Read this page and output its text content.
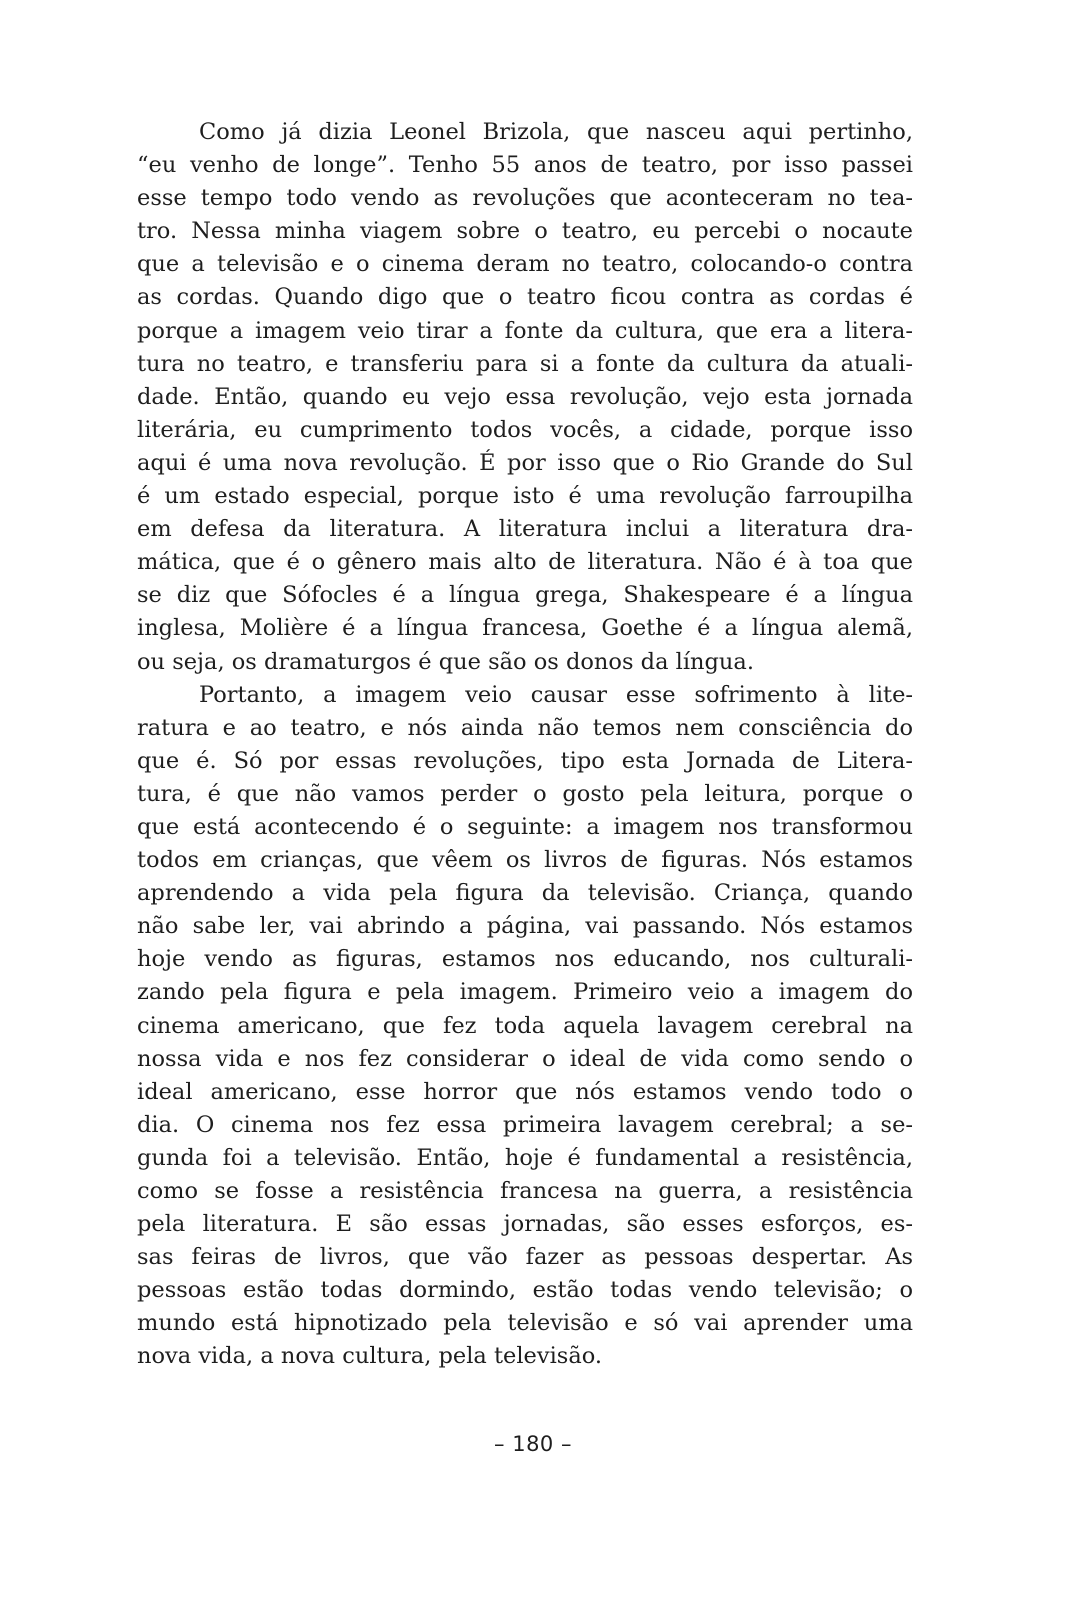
Como já dizia Leonel Brizola, que nasceu aqui pertinho,
“eu venho de longe”. Tenho 55 anos de teatro, por isso passei
esse tempo todo vendo as revoluções que aconteceram no tea-
tro. Nessa minha viagem sobre o teatro, eu percebi o nocaute
que a televisão e o cinema deram no teatro, colocando-o contra
as cordas. Quando digo que o teatro ficou contra as cordas é
porque a imagem veio tirar a fonte da cultura, que era a litera-
tura no teatro, e transferiu para si a fonte da cultura da atuali-
dade. Então, quando eu vejo essa revolução, vejo esta jornada
literária, eu cumprimento todos vocês, a cidade, porque isso
aqui é uma nova revolução. É por isso que o Rio Grande do Sul
é um estado especial, porque isto é uma revolução farroupilha
em defesa da literatura. A literatura inclui a literatura dra-
mática, que é o gênero mais alto de literatura. Não é à toa que
se diz que Sófocles é a língua grega, Shakespeare é a língua
inglesa, Molière é a língua francesa, Goethe é a língua alemã,
ou seja, os dramaturgos é que são os donos da língua.

Portanto, a imagem veio causar esse sofrimento à lite-
ratura e ao teatro, e nós ainda não temos nem consciência do
que é. Só por essas revoluções, tipo esta Jornada de Litera-
tura, é que não vamos perder o gosto pela leitura, porque o
que está acontecendo é o seguinte: a imagem nos transformou
todos em crianças, que vêem os livros de figuras. Nós estamos
aprendendo a vida pela figura da televisão. Criança, quando
não sabe ler, vai abrindo a página, vai passando. Nós estamos
hoje vendo as figuras, estamos nos educando, nos culturali-
zando pela figura e pela imagem. Primeiro veio a imagem do
cinema americano, que fez toda aquela lavagem cerebral na
nossa vida e nos fez considerar o ideal de vida como sendo o
ideal americano, esse horror que nós estamos vendo todo o
dia. O cinema nos fez essa primeira lavagem cerebral; a se-
gunda foi a televisão. Então, hoje é fundamental a resistência,
como se fosse a resistência francesa na guerra, a resistência
pela literatura. E são essas jornadas, são esses esforços, es-
sas feiras de livros, que vão fazer as pessoas despertar. As
pessoas estão todas dormindo, estão todas vendo televisão; o
mundo está hipnotizado pela televisão e só vai aprender uma
nova vida, a nova cultura, pela televisão.

– 180 –
